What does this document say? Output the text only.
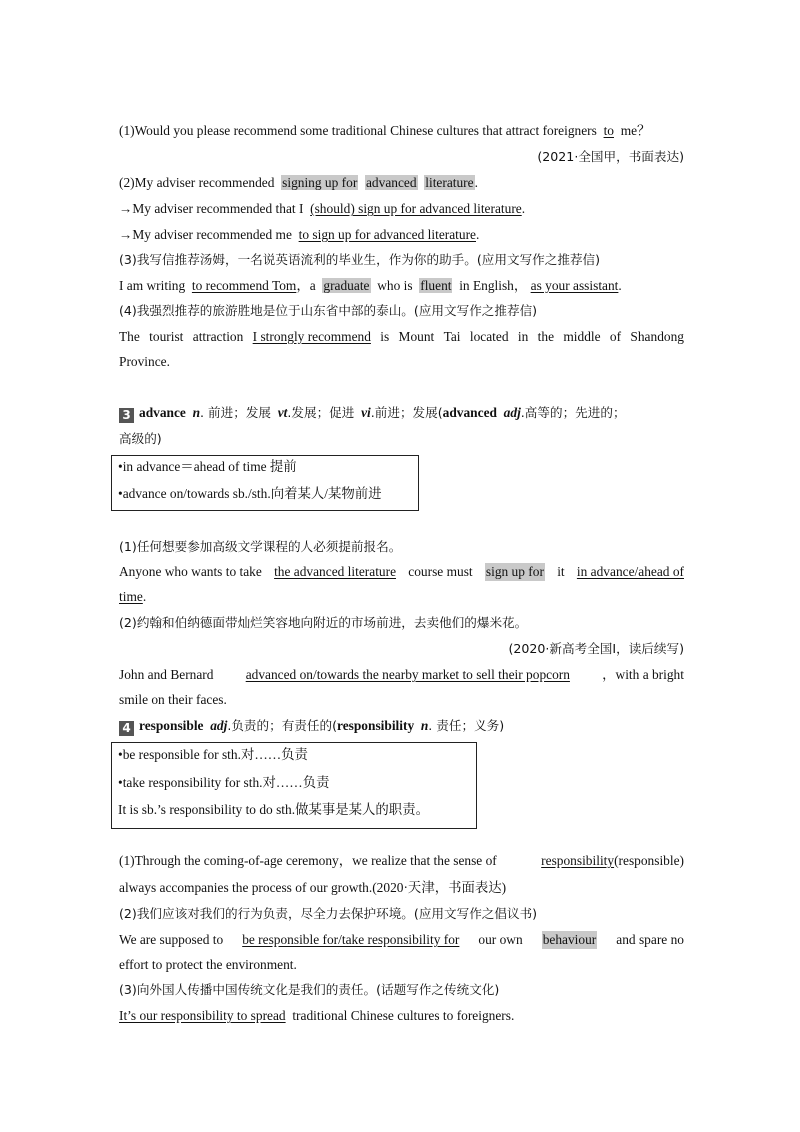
(1)Would you please recommend some traditional Chinese cultures that attract foreigners to me？
(2021·全国甲，书面表达)
(2)My adviser recommended signing up for advanced literature.
→My adviser recommended that I (should) sign up for advanced literature.
→My adviser recommended me to sign up for advanced literature.
(3)我写信推荐汤姆，一名说英语流利的毕业生，作为你的助手。(应用文写作之推荐信)
I am writing to recommend Tom，a graduate who is fluent in English， as your assistant.
(4)我强烈推荐的旅游胜地是位于山东省中部的泰山。(应用文写作之推荐信)
The tourist attraction I strongly recommend is Mount Tai located in the middle of Shandong
Province.
3 advance n. 前进；发展 vt.发展；促进 vi.前进；发展(advanced adj.高等的；先进的；
高级的)
•in advance＝ahead of time 提前
•advance on/towards sb./sth.向着某人/某物前进
(1)任何想要参加高级文学课程的人必须提前报名。
Anyone who wants to take the advanced literature course must sign up for it in advance/ahead of
time.
(2)约翰和伯纳德面带灿烂笑容地向附近的市场前进，去卖他们的爆米花。
(2020·新高考全国Ⅰ，读后续写)
John and Bernard advanced on/towards the nearby market to sell their popcorn ，with a bright
smile on their faces.
4 responsible adj.负责的；有责任的(responsibility n. 责任；义务)
•be responsible for sth.对……负责
•take responsibility for sth.对……负责
It is sb.’s responsibility to do sth.做某事是某人的职责。
(1)Through the coming-of-age ceremony，we realize that the sense of	responsibility(responsible)
always accompanies the process of our growth.(2020·天津，书面表达)
(2)我们应该对我们的行为负责，尽全力去保护环境。(应用文写作之倡议书)
We are supposed to be responsible for/take responsibility for our own behaviour and spare no
effort to protect the environment.
(3)向外国人传播中国传统文化是我们的责任。(话题写作之传统文化)
It’s our responsibility to spread traditional Chinese cultures to foreigners.
